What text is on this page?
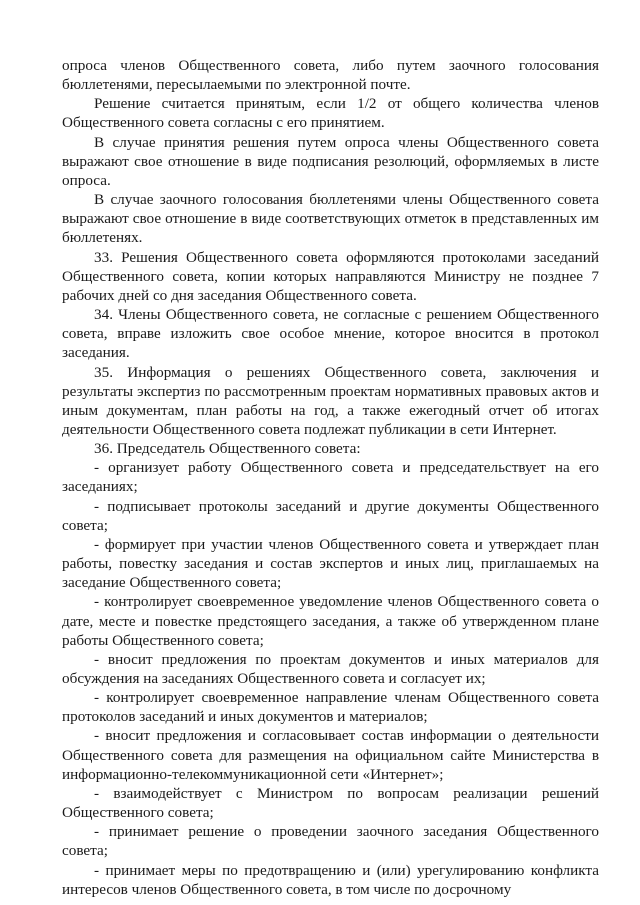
опроса членов Общественного совета, либо путем заочного голосования бюллетенями, пересылаемыми по электронной почте.

Решение считается принятым, если 1/2 от общего количества членов Общественного совета согласны с его принятием.

В случае принятия решения путем опроса члены Общественного совета выражают свое отношение в виде подписания резолюций, оформляемых в листе опроса.

В случае заочного голосования бюллетенями члены Общественного совета выражают свое отношение в виде соответствующих отметок в представленных им бюллетенях.

33. Решения Общественного совета оформляются протоколами заседаний Общественного совета, копии которых направляются Министру не позднее 7 рабочих дней со дня заседания Общественного совета.

34. Члены Общественного совета, не согласные с решением Общественного совета, вправе изложить свое особое мнение, которое вносится в протокол заседания.

35. Информация о решениях Общественного совета, заключения и результаты экспертиз по рассмотренным проектам нормативных правовых актов и иным документам, план работы на год, а также ежегодный отчет об итогах деятельности Общественного совета подлежат публикации в сети Интернет.

36. Председатель Общественного совета:

- организует работу Общественного совета и председательствует на его заседаниях;

- подписывает протоколы заседаний и другие документы Общественного совета;

- формирует при участии членов Общественного совета и утверждает план работы, повестку заседания и состав экспертов и иных лиц, приглашаемых на заседание Общественного совета;

- контролирует своевременное уведомление членов Общественного совета о дате, месте и повестке предстоящего заседания, а также об утвержденном плане работы Общественного совета;

- вносит предложения по проектам документов и иных материалов для обсуждения на заседаниях Общественного совета и согласует их;

- контролирует своевременное направление членам Общественного совета протоколов заседаний и иных документов и материалов;

- вносит предложения и согласовывает состав информации о деятельности Общественного совета для размещения на официальном сайте Министерства в информационно-телекоммуникационной сети «Интернет»;

- взаимодействует с Министром по вопросам реализации решений Общественного совета;

- принимает решение о проведении заочного заседания Общественного совета;

- принимает меры по предотвращению и (или) урегулированию конфликта интересов членов Общественного совета, в том числе по досрочному
